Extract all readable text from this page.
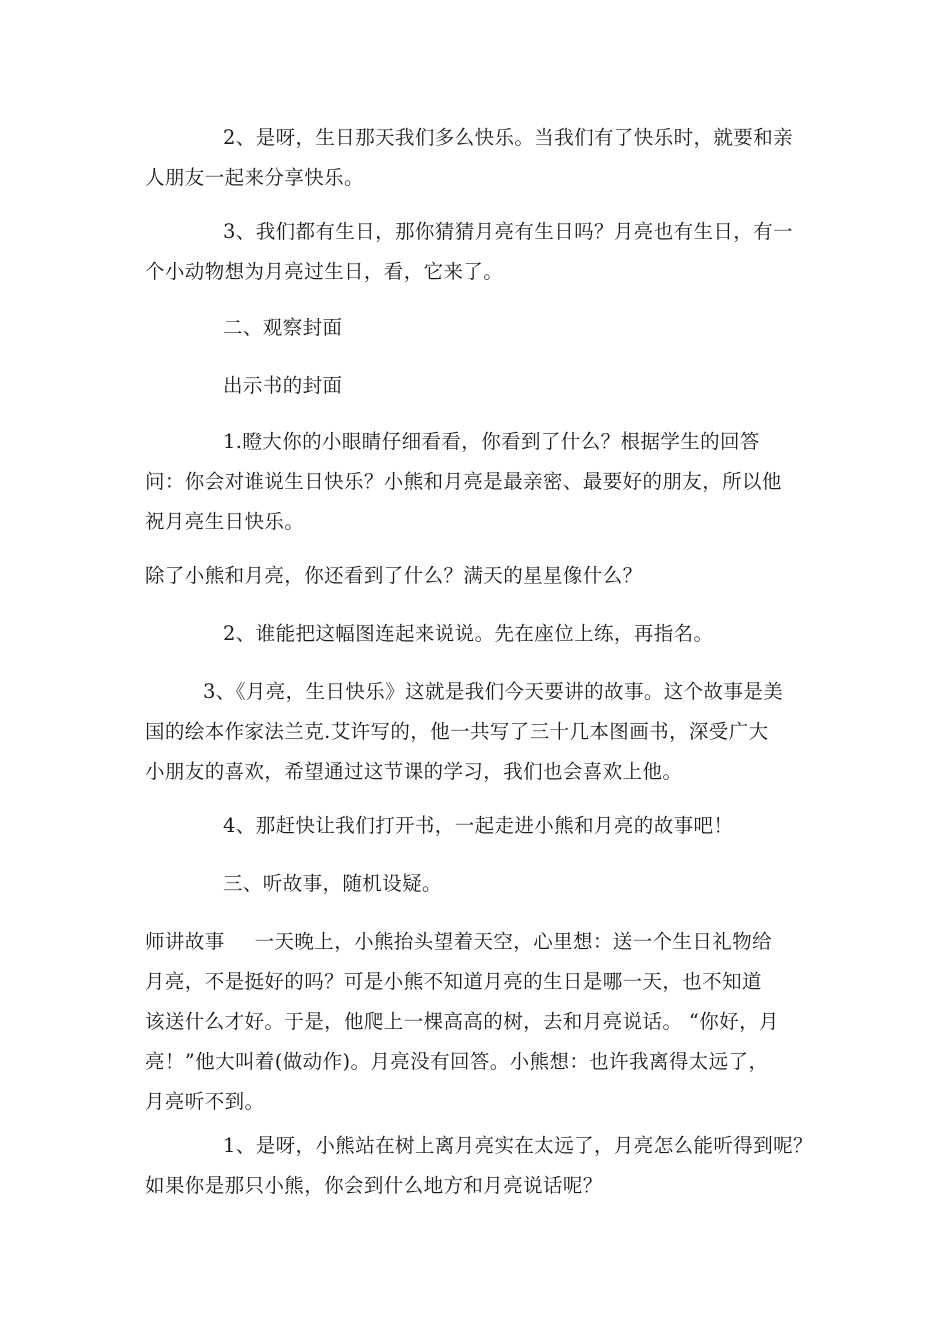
2、是呀，生日那天我们多么快乐。当我们有了快乐时，就要和亲
人朋友一起来分享快乐。

3、我们都有生日，那你猜猜月亮有生日吗？月亮也有生日，有一
个小动物想为月亮过生日，看，它来了。

二、观察封面

出示书的封面

1.瞪大你的小眼睛仔细看看，你看到了什么？根据学生的回答
问：你会对谁说生日快乐？小熊和月亮是最亲密、最要好的朋友，所以他
祝月亮生日快乐。

除了小熊和月亮，你还看到了什么？满天的星星像什么？

2、谁能把这幅图连起来说说。先在座位上练，再指名。

3、《月亮，生日快乐》这就是我们今天要讲的故事。这个故事是美
国的绘本作家法兰克.艾许写的，他一共写了三十几本图画书，深受广大
小朋友的喜欢，希望通过这节课的学习，我们也会喜欢上他。

4、那赶快让我们打开书，一起走进小熊和月亮的故事吧！

三、听故事，随机设疑。

师讲故事 一天晚上，小熊抬头望着天空，心里想：送一个生日礼物给
月亮，不是挺好的吗？可是小熊不知道月亮的生日是哪一天，也不知道
该送什么才好。于是，他爬上一棵高高的树，去和月亮说话。 “你好，月
亮！”他大叫着(做动作)。月亮没有回答。小熊想：也许我离得太远了，
月亮听不到。

1、是呀，小熊站在树上离月亮实在太远了，月亮怎么能听得到呢？
如果你是那只小熊，你会到什么地方和月亮说话呢？
